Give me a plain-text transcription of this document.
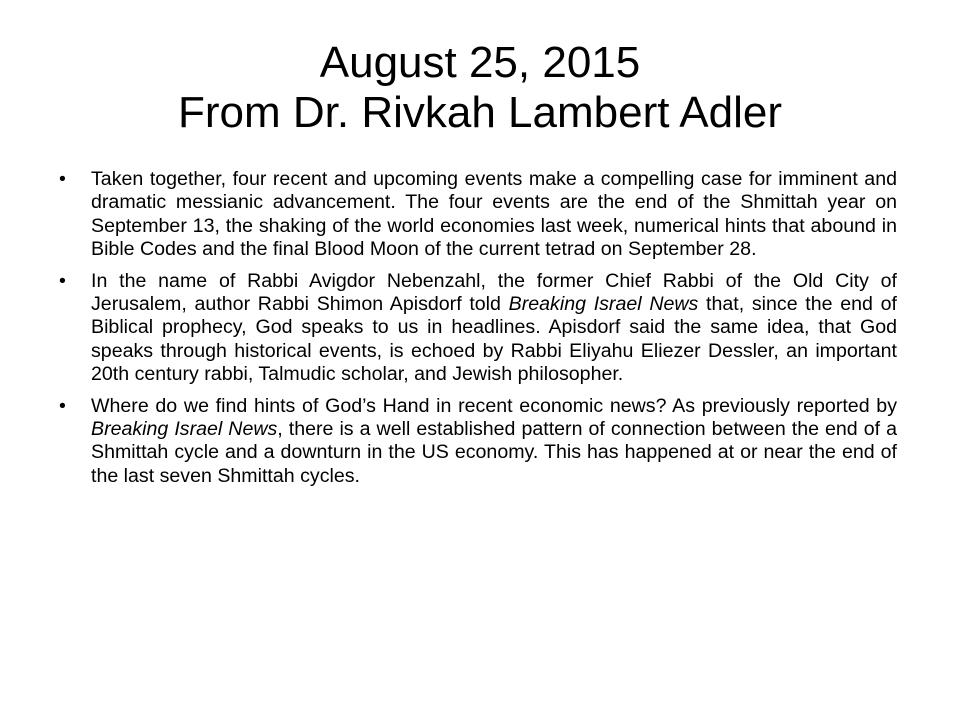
August 25, 2015
From Dr. Rivkah Lambert Adler
• Taken together, four recent and upcoming events make a compelling case for imminent and dramatic messianic advancement. The four events are the end of the Shmittah year on September 13, the shaking of the world economies last week, numerical hints that abound in Bible Codes and the final Blood Moon of the current tetrad on September 28.
• In the name of Rabbi Avigdor Nebenzahl, the former Chief Rabbi of the Old City of Jerusalem, author Rabbi Shimon Apisdorf told Breaking Israel News that, since the end of Biblical prophecy, God speaks to us in headlines. Apisdorf said the same idea, that God speaks through historical events, is echoed by Rabbi Eliyahu Eliezer Dessler, an important 20th century rabbi, Talmudic scholar, and Jewish philosopher.
• Where do we find hints of God’s Hand in recent economic news? As previously reported by Breaking Israel News, there is a well established pattern of connection between the end of a Shmittah cycle and a downturn in the US economy. This has happened at or near the end of the last seven Shmittah cycles.
